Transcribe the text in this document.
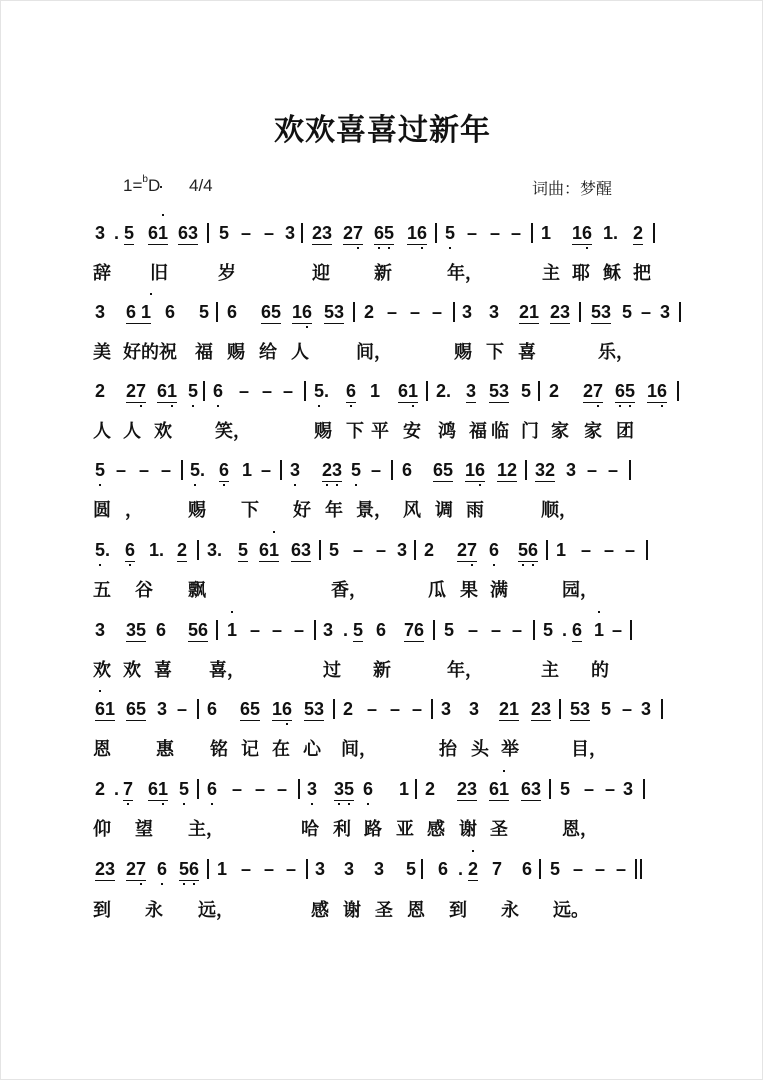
欢欢喜喜过新年
1=$^b$D 4/4	词曲：梦醒
3 . 5 61 63 5 – – 3 23 27 65 16 5 – – – 1 16 1. 2
3 6 1 6 5 6 65 16 53 2 – – – 3 3 21 23 53 5 – 3
2 27 61 5 6 – – – 5. 6 1 61 2. 3 53 5 2 27 65 16
5 – – – 5. 6 1 – 3 23 5 – 6 65 16 12 32 3 – –
5. 6 1. 2 3. 5 61 63 5 – – 3 2 27 6 56 1 – – –
3 35 6 56 1 – – – 3 . 5 6 76 5 – – – 5 . 6 1 –
61 65 3 – 6 65 16 53 2 – – – 3 3 21 23 53 5 – 3
2 . 7 61 5 6 – – – 3 35 6 1 2 23 61 63 5 – – 3
23 27 6 56 1 – – – 3 3 3 5 6 . 2 7 6 5 – – –
辞 旧	岁	迎 新	年，	主 耶 稣 把
美 好的祝 福 赐 给 人	间，	赐 下 喜	乐，
人 人 欢 笑，	赐 下 平 安 鸿 福 临 门 家 家 团
圆 ，	赐 下 好 年 景， 风 调 雨	顺，
五 谷 飘	香，	瓜 果 满	园，
欢 欢 喜 喜，	过 新	年，	主 的
恩	惠 铭 记 在 心 间，	抬 头 举	目，
仰 望 主，	哈 利 路 亚 感 谢 圣	恩，
到 永 远，	感 谢 圣 恩 到 永 远。
